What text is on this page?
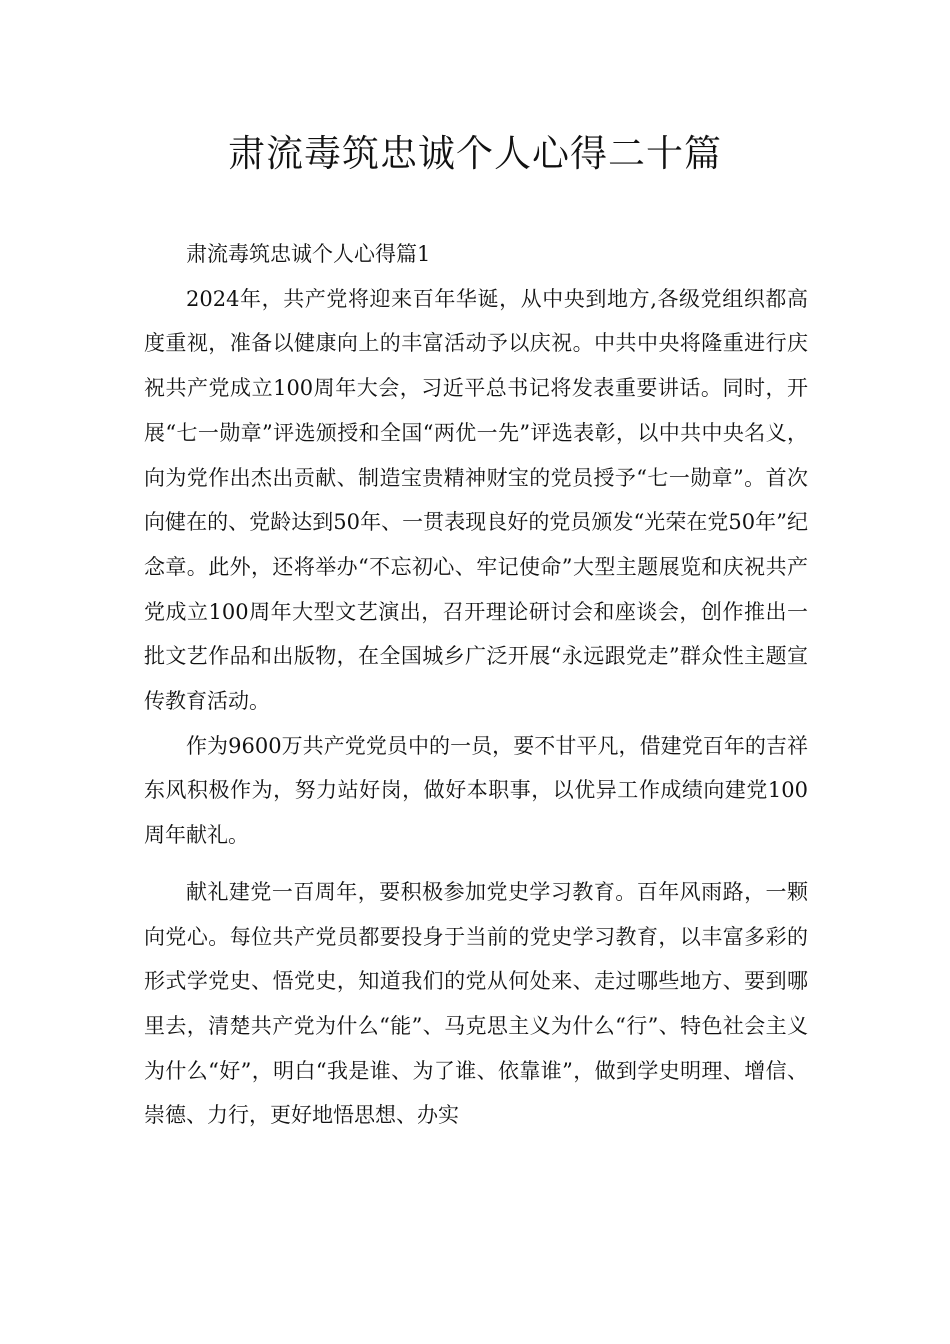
肃流毒筑忠诚个人心得二十篇

肃流毒筑忠诚个人心得篇1

2024年，共产党将迎来百年华诞，从中央到地方,各级党组织都高度重视，准备以健康向上的丰富活动予以庆祝。中共中央将隆重进行庆祝共产党成立100周年大会，习近平总书记将发表重要讲话。同时，开展“七一勋章”评选颁授和全国“两优一先”评选表彰，以中共中央名义，向为党作出杰出贡献、制造宝贵精神财宝的党员授予“七一勋章”。首次向健在的、党龄达到50年、一贯表现良好的党员颁发“光荣在党50年”纪念章。此外，还将举办“不忘初心、牢记使命”大型主题展览和庆祝共产党成立100周年大型文艺演出，召开理论研讨会和座谈会，创作推出一批文艺作品和出版物，在全国城乡广泛开展“永远跟党走”群众性主题宣传教育活动。

作为9600万共产党党员中的一员，要不甘平凡，借建党百年的吉祥东风积极作为，努力站好岗，做好本职事，以优异工作成绩向建党100周年献礼。

献礼建党一百周年，要积极参加党史学习教育。百年风雨路，一颗向党心。每位共产党员都要投身于当前的党史学习教育，以丰富多彩的形式学党史、悟党史，知道我们的党从何处来、走过哪些地方、要到哪里去，清楚共产党为什么“能”、马克思主义为什么“行”、特色社会主义为什么“好”，明白“我是谁、为了谁、依靠谁”，做到学史明理、增信、崇德、力行，更好地悟思想、办实
